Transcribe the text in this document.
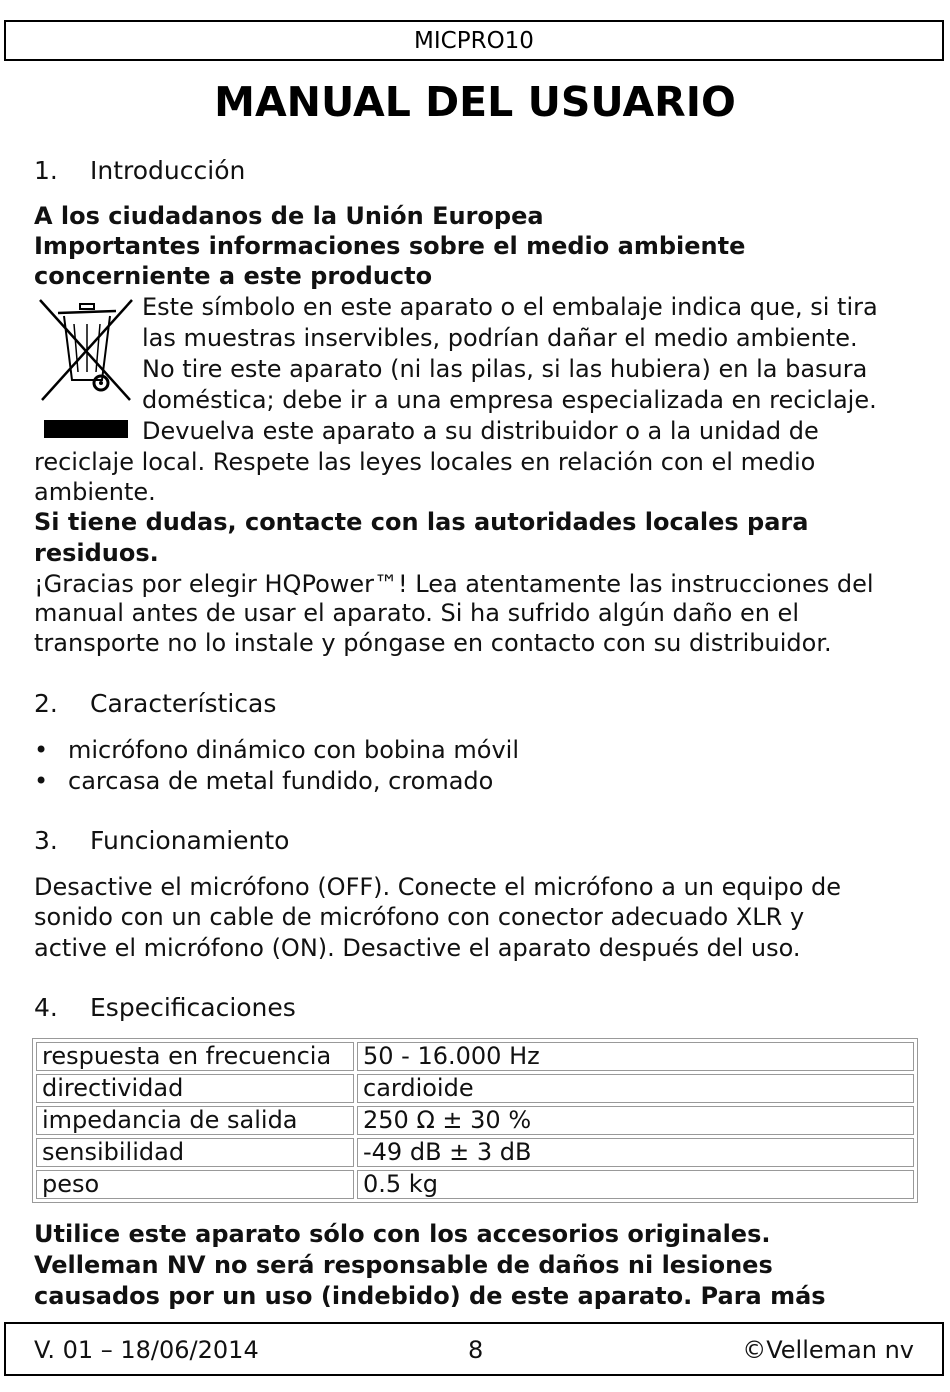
MICPRO10
MANUAL DEL USUARIO
1. Introducción
A los ciudadanos de la Unión Europea
Importantes informaciones sobre el medio ambiente
concerniente a este producto
Este símbolo en este aparato o el embalaje indica que, si tira
las muestras inservibles, podrían dañar el medio ambiente.
No tire este aparato (ni las pilas, si las hubiera) en la basura
doméstica; debe ir a una empresa especializada en reciclaje.
Devuelva este aparato a su distribuidor o a la unidad de
reciclaje local. Respete las leyes locales en relación con el medio
ambiente.
Si tiene dudas, contacte con las autoridades locales para
residuos.
¡Gracias por elegir HQPower™! Lea atentamente las instrucciones del
manual antes de usar el aparato. Si ha sufrido algún daño en el
transporte no lo instale y póngase en contacto con su distribuidor.
2. Características
• micrófono dinámico con bobina móvil
• carcasa de metal fundido, cromado
3. Funcionamiento
Desactive el micrófono (OFF). Conecte el micrófono a un equipo de
sonido con un cable de micrófono con conector adecuado XLR y
active el micrófono (ON). Desactive el aparato después del uso.
4. Especificaciones
respuesta en frecuencia	50 - 16.000 Hz
directividad	cardioide
impedancia de salida	250 Ω ± 30 %
sensibilidad	-49 dB ± 3 dB
peso	0.5 kg
Utilice este aparato sólo con los accesorios originales.
Velleman NV no será responsable de daños ni lesiones
causados por un uso (indebido) de este aparato. Para más
V. 01 – 18/06/2014	8	©Velleman nv
